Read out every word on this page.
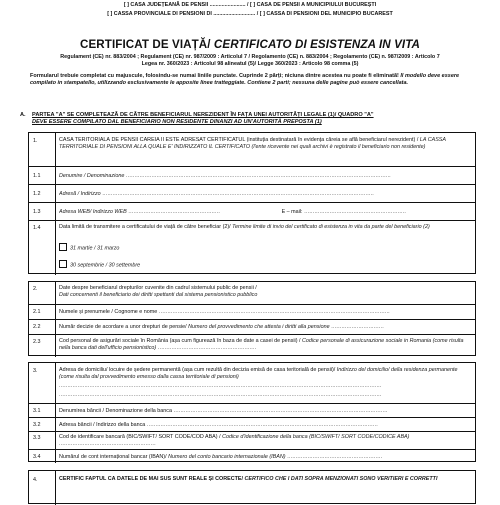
[ ] CASA JUDEȚEANĂ DE PENSII ........................ / [ ] CASA DE PENSII A MUNICIPIULUI BUCUREȘTI
[ ] CASSA PROVINCIALE DI PENSIONI DI ............................ / [ ] CASSA DI PENSIONI DEL MUNICIPIO BUCAREST
CERTIFICAT DE VIAȚĂ/ CERTIFICATO DI ESISTENZA IN VITA
Regulament (CE) nr. 883/2004 ; Regulament (CE) nr. 987/2009 : Articolul 7 / Regolamento (CE) n. 883/2004 ; Regolamento (CE) n. 987/2009 : Articolo 7
Legea nr. 360/2023 : Articolul 98 alineatul (5)/ Legge 360/2023 : Articolo 98 comma (5)
Formularul trebuie completat cu majuscule, folosindu-se numai liniile punctate. Cuprinde 2 părți; niciuna dintre acestea nu poate fi eliminată! Il modello deve essere compilato in stampatello, utilizzando esclusivamente le apposite linee tratteggiate. Contiene 2 parti; nessuna delle pagine può essere cancellata.
A. PARTEA "A" SE COMPLETEAZĂ DE CĂTRE BENEFICIARUL NEREZIDENT ÎN FAȚA UNEI AUTORITĂȚI LEGALE (1)/ QUADRO "A"
DEVE ESSERE COMPILATO DAL BENEFICIARIO NON RESIDENTE DINANZI AD UN'AUTORITÀ PREPOSTA (1)
1.	CASA TERITORIALĂ DE PENSII CĂREIA ÎI ESTE ADRESAT CERTIFICATUL (instituția destinatară în evidența căreia se află beneficiarul nerezident) / LA CASSA TERRITORIALE DI PENSIONI ALLA QUALE E' INDIRIZZATO IL CERTIFICATO (l'ente ricevente nei quali archivi è registrato il beneficiario non residente)
1.1	Denumire / Denominazione ............................................................................................................................................................
1.2	Adresă / Indirizzo ................................................................................................................................................................
1.3	Adresa WEB/ Indirizzo WEB ......................................................	E – mail: ............................................................
1.4	Data limită de transmitere a certificatului de viață de către beneficiar (2)/ Termine limite di invio del certificato di esistenza in vita da parte del beneficiario (2)
31 martie / 31 marzo
30 septembrie / 30 settembre
2.	Date despre beneficiarul drepturilor cuvenite din cadrul sistemului public de pensii /
Dati concernenti il beneficiario dei diritti spettanti dal sistema pensionistico pubblico
2.1	Numele și prenumele / Cognome e nome ........................................................................................................................................
2.2	Număr decizie de acordare a unor drepturi de pensie/ Numero del provvedimento che attesta i diritti alla pensione ...............................
2.3	Cod personal de asigurări sociale în România (așa cum figurează în baza de date a casei de pensii) / Codice personale di assicurazione sociale in Romania (come risulta nella banca dati dell'ufficio pensionistico) ..........................................................
3.	Adresa de domiciliu/ locuire de ședere permanentă (așa cum rezultă din decizia emisă de casa teritorială de pensii)/ Indirizzo del domicilio/ della residenza permanente (come risulta dal provvedimento emesso dalla cassa territoriale di pensioni)
..............................................................................................................................................................................................
..............................................................................................................................................................................................
3.1	Denumirea băncii / Denominazione della banca ..............................................................................................................................
3.2	Adresa băncii / Indirizzo della banca ........................................................................................................................................
3.3	Cod de identificare bancară (BIC/SWIFT/ SORT CODE/COD ABA) / Codice d'identificazione della banca (BIC/SWIFT/ SORT CODE/CODICE ABA) .........................................................
3.4	Numărul de cont internațional bancar (IBAN)/ Numero del conto bancario internazionale (IBAN) ........................................................
4.	CERTIFIC FAPTUL CĂ DATELE DE MAI SUS SUNT REALE ȘI CORECTE/ CERTIFICO CHE I DATI SOPRA MENZIONATI SONO VERITIERI E CORRETTI
